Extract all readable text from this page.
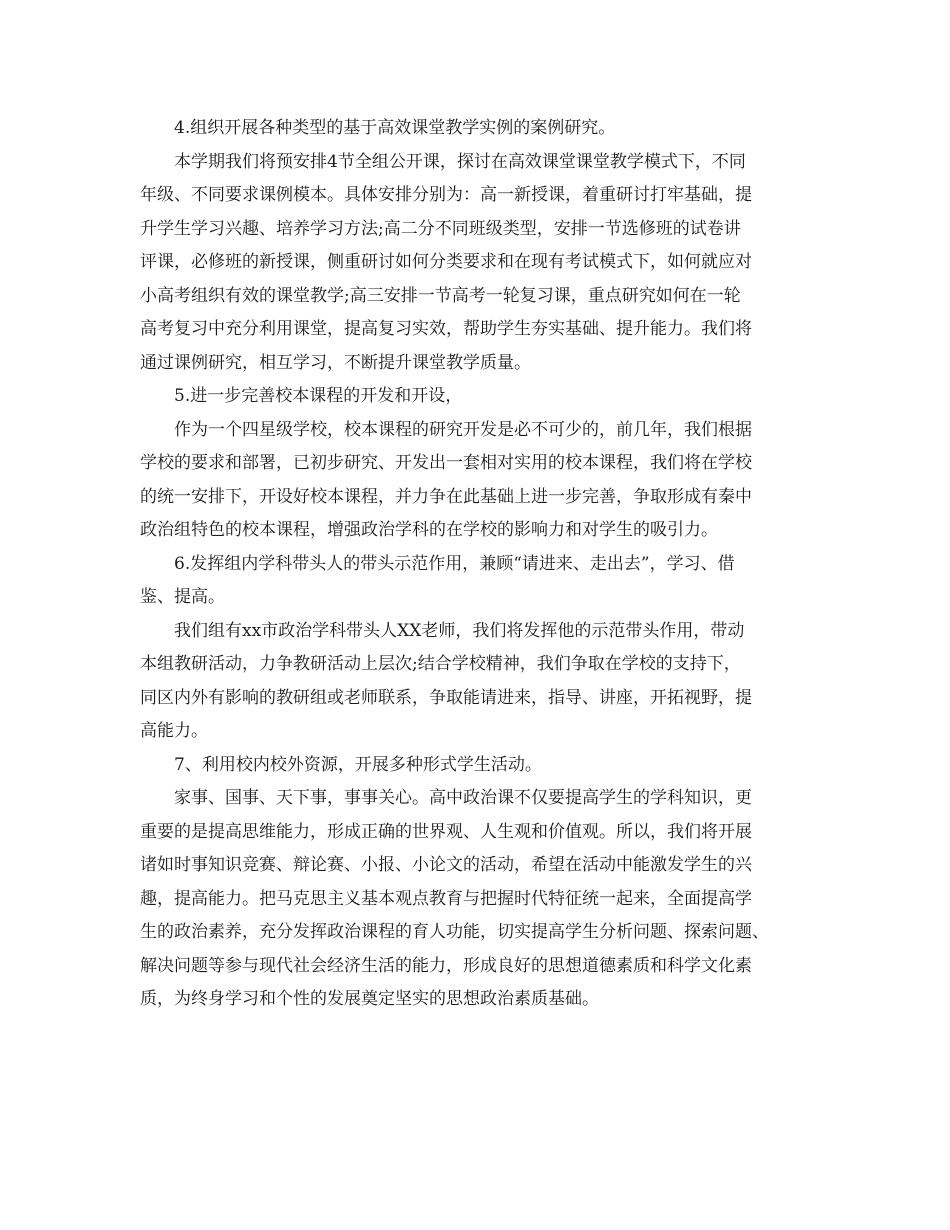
4.组织开展各种类型的基于高效课堂教学实例的案例研究。
本学期我们将预安排4节全组公开课，探讨在高效课堂课堂教学模式下，不同
年级、不同要求课例模本。具体安排分别为：高一新授课，着重研讨打牢基础，提
升学生学习兴趣、培养学习方法;高二分不同班级类型，安排一节选修班的试卷讲
评课，必修班的新授课，侧重研讨如何分类要求和在现有考试模式下，如何就应对
小高考组织有效的课堂教学;高三安排一节高考一轮复习课，重点研究如何在一轮
高考复习中充分利用课堂，提高复习实效，帮助学生夯实基础、提升能力。我们将
通过课例研究，相互学习，不断提升课堂教学质量。
5.进一步完善校本课程的开发和开设，
作为一个四星级学校，校本课程的研究开发是必不可少的，前几年，我们根据
学校的要求和部署，已初步研究、开发出一套相对实用的校本课程，我们将在学校
的统一安排下，开设好校本课程，并力争在此基础上进一步完善，争取形成有秦中
政治组特色的校本课程，增强政治学科的在学校的影响力和对学生的吸引力。
6.发挥组内学科带头人的带头示范作用，兼顾“请进来、走出去”，学习、借
鉴、提高。
我们组有xx市政治学科带头人XX老师，我们将发挥他的示范带头作用，带动
本组教研活动，力争教研活动上层次;结合学校精神，我们争取在学校的支持下，
同区内外有影响的教研组或老师联系，争取能请进来，指导、讲座，开拓视野，提
高能力。
7、利用校内校外资源，开展多种形式学生活动。
家事、国事、天下事，事事关心。高中政治课不仅要提高学生的学科知识，更
重要的是提高思维能力，形成正确的世界观、人生观和价值观。所以，我们将开展
诸如时事知识竞赛、辩论赛、小报、小论文的活动，希望在活动中能激发学生的兴
趣，提高能力。把马克思主义基本观点教育与把握时代特征统一起来，全面提高学
生的政治素养，充分发挥政治课程的育人功能，切实提高学生分析问题、探索问题、
解决问题等参与现代社会经济生活的能力，形成良好的思想道德素质和科学文化素
质，为终身学习和个性的发展奠定坚实的思想政治素质基础。
